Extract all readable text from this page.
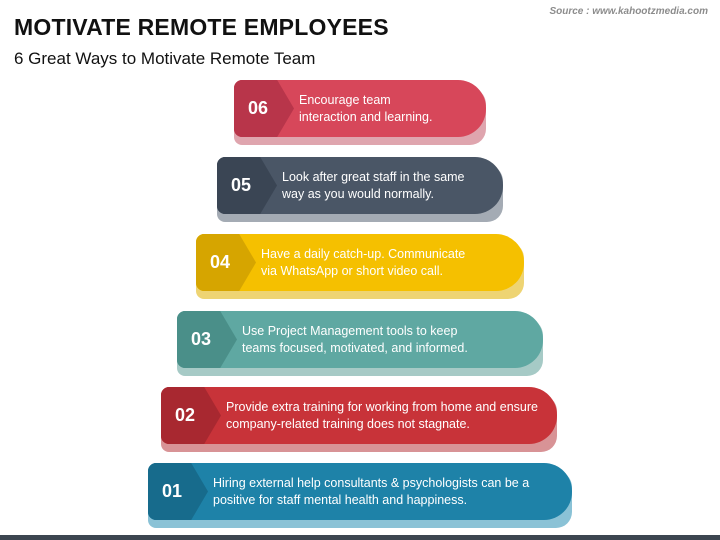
MOTIVATE REMOTE EMPLOYEES
6 Great Ways to Motivate Remote Team
Source : www.kahootzmedia.com
06	Encourage team interaction and learning.
05	Look after great staff in the same way as you would normally.
04	Have a daily catch-up. Communicate via WhatsApp or short video call.
03	Use Project Management tools to keep teams focused, motivated, and informed.
02	Provide extra training for working from home and ensure company-related training does not stagnate.
01	Hiring external help consultants & psychologists can be a positive for staff mental health and happiness.
